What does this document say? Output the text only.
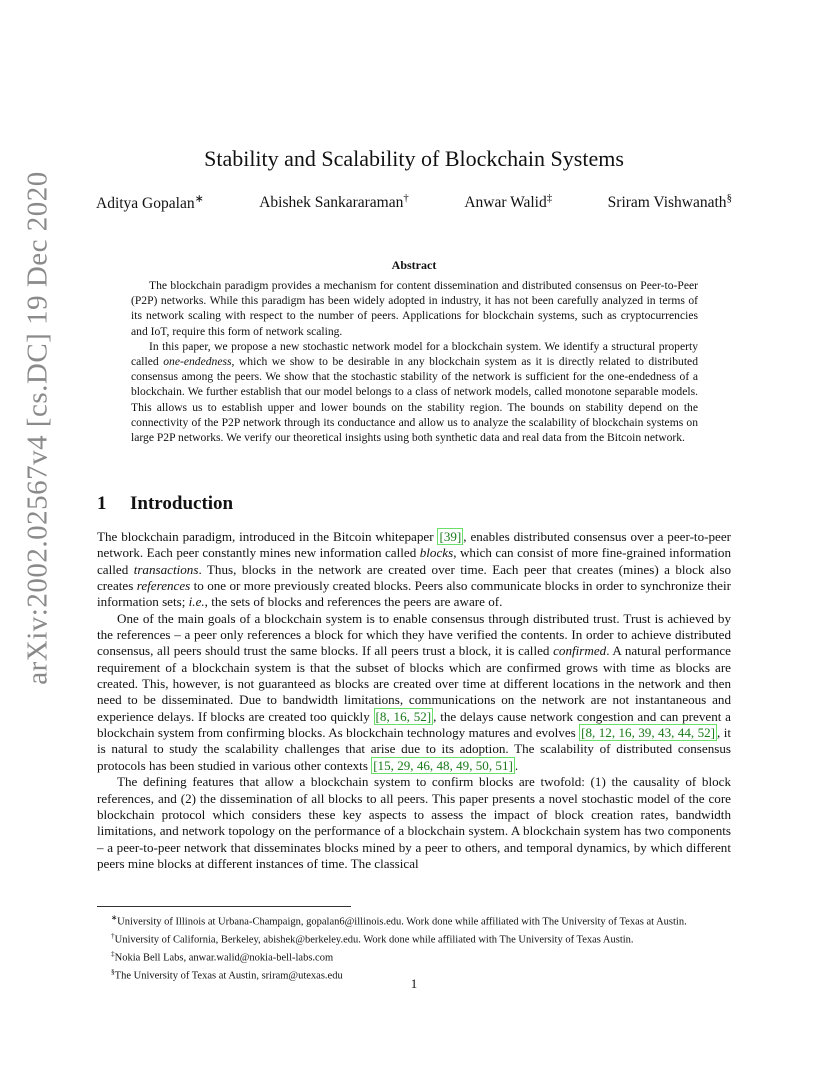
arXiv:2002.02567v4 [cs.DC] 19 Dec 2020
Stability and Scalability of Blockchain Systems
Aditya Gopalan∗	Abishek Sankararaman†	Anwar Walid‡	Sriram Vishwanath§
Abstract

The blockchain paradigm provides a mechanism for content dissemination and distributed consensus on Peer-to-Peer (P2P) networks. While this paradigm has been widely adopted in industry, it has not been carefully analyzed in terms of its network scaling with respect to the number of peers. Applications for blockchain systems, such as cryptocurrencies and IoT, require this form of network scaling.

In this paper, we propose a new stochastic network model for a blockchain system. We identify a structural property called one-endedness, which we show to be desirable in any blockchain system as it is directly related to distributed consensus among the peers. We show that the stochastic stability of the network is sufficient for the one-endedness of a blockchain. We further establish that our model belongs to a class of network models, called monotone separable models. This allows us to establish upper and lower bounds on the stability region. The bounds on stability depend on the connectivity of the P2P network through its conductance and allow us to analyze the scalability of blockchain systems on large P2P networks. We verify our theoretical insights using both synthetic data and real data from the Bitcoin network.

1 Introduction

The blockchain paradigm, introduced in the Bitcoin whitepaper [39] , enables distributed consensus over a peer-to-peer network. Each peer constantly mines new information called blocks, which can consist of more fine-grained information called transactions. Thus, blocks in the network are created over time. Each peer that creates (mines) a block also creates references to one or more previously created blocks. Peers also communicate blocks in order to synchronize their information sets; i.e., the sets of blocks and references the peers are aware of.

One of the main goals of a blockchain system is to enable consensus through distributed trust. Trust is achieved by the references – a peer only references a block for which they have verified the contents. In order to achieve distributed consensus, all peers should trust the same blocks. If all peers trust a block, it is called confirmed. A natural performance requirement of a blockchain system is that the subset of blocks which are confirmed grows with time as blocks are created. This, however, is not guaranteed as blocks are created over time at different locations in the network and then need to be disseminated. Due to bandwidth limitations, communications on the network are not instantaneous and experience delays. If blocks are created too quickly [8, 16, 52] , the delays cause network congestion and can prevent a blockchain system from confirming blocks. As blockchain technology matures and evolves [8, 12, 16, 39, 43, 44, 52] , it is natural to study the scalability challenges that arise due to its adoption. The scalability of distributed consensus protocols has been studied in various other contexts [15, 29, 46, 48, 49, 50, 51] .

The defining features that allow a blockchain system to confirm blocks are twofold: (1) the causality of block references, and (2) the dissemination of all blocks to all peers. This paper presents a novel stochastic model of the core blockchain protocol which considers these key aspects to assess the impact of block creation rates, bandwidth limitations, and network topology on the performance of a blockchain system. A blockchain system has two components – a peer-to-peer network that disseminates blocks mined by a peer to others, and temporal dynamics, by which different peers mine blocks at different instances of time. The classical

∗University of Illinois at Urbana-Champaign, gopalan6@illinois.edu. Work done while affiliated with The University of Texas at Austin.

†University of California, Berkeley, abishek@berkeley.edu. Work done while affiliated with The University of Texas Austin.

‡Nokia Bell Labs, anwar.walid@nokia-bell-labs.com

§The University of Texas at Austin, sriram@utexas.edu	1
